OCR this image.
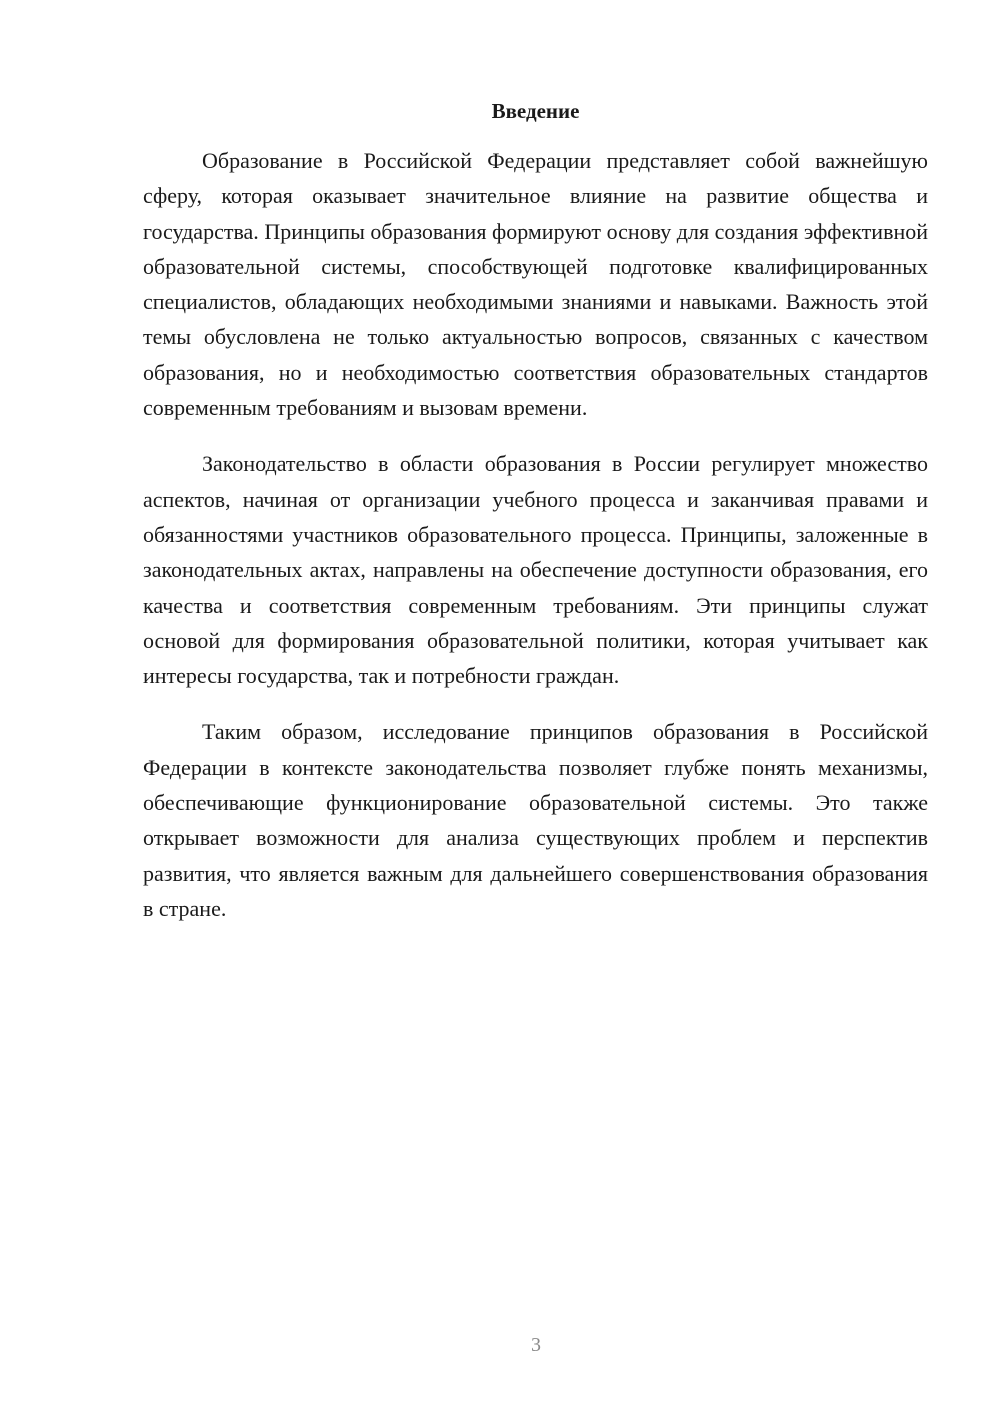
Введение

Образование в Российской Федерации представляет собой важнейшую сферу, которая оказывает значительное влияние на развитие общества и государства. Принципы образования формируют основу для создания эффективной образовательной системы, способствующей подготовке квалифицированных специалистов, обладающих необходимыми знаниями и навыками. Важность этой темы обусловлена не только актуальностью вопросов, связанных с качеством образования, но и необходимостью соответствия образовательных стандартов современным требованиям и вызовам времени.

Законодательство в области образования в России регулирует множество аспектов, начиная от организации учебного процесса и заканчивая правами и обязанностями участников образовательного процесса. Принципы, заложенные в законодательных актах, направлены на обеспечение доступности образования, его качества и соответствия современным требованиям. Эти принципы служат основой для формирования образовательной политики, которая учитывает как интересы государства, так и потребности граждан.

Таким образом, исследование принципов образования в Российской Федерации в контексте законодательства позволяет глубже понять механизмы, обеспечивающие функционирование образовательной системы. Это также открывает возможности для анализа существующих проблем и перспектив развития, что является важным для дальнейшего совершенствования образования в стране.

3
